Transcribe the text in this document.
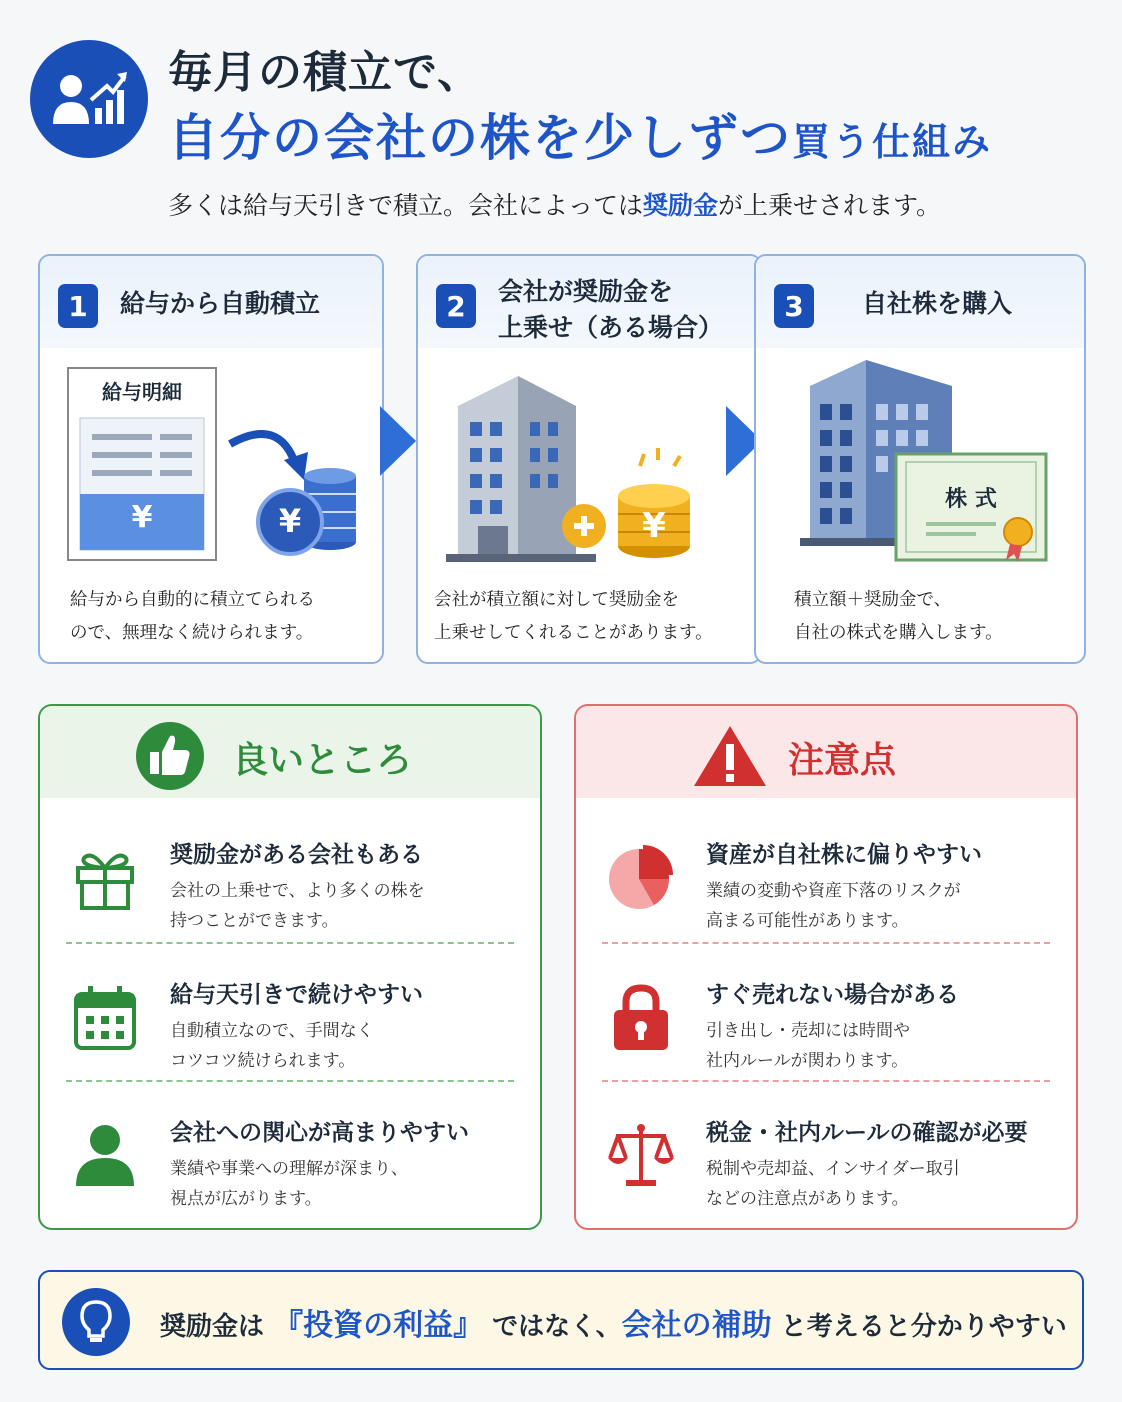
毎月の積立で、
自分の会社の株を少しずつ買う仕組み
多くは給与天引きで積立。会社によっては奨励金が上乗せされます。
1	給与から自動積立
給与明細
¥	¥
給与から自動的に積立てられる
ので、無理なく続けられます。
2	会社が奨励金を
上乗せ（ある場合）
¥
会社が積立額に対して奨励金を
上乗せしてくれることがあります。
3	自社株を購入
株 式
積立額＋奨励金で、
自社の株式を購入します。
良いところ
奨励金がある会社もある
会社の上乗せで、より多くの株を
持つことができます。
給与天引きで続けやすい
自動積立なので、手間なく
コツコツ続けられます。
会社への関心が高まりやすい
業績や事業への理解が深まり、
視点が広がります。
注意点
資産が自社株に偏りやすい
業績の変動や資産下落のリスクが
高まる可能性があります。
すぐ売れない場合がある
引き出し・売却には時間や
社内ルールが関わります。
税金・社内ルールの確認が必要
税制や売却益、インサイダー取引
などの注意点があります。
奨励金は 『投資の利益』 ではなく、会社の補助 と考えると分かりやすい
